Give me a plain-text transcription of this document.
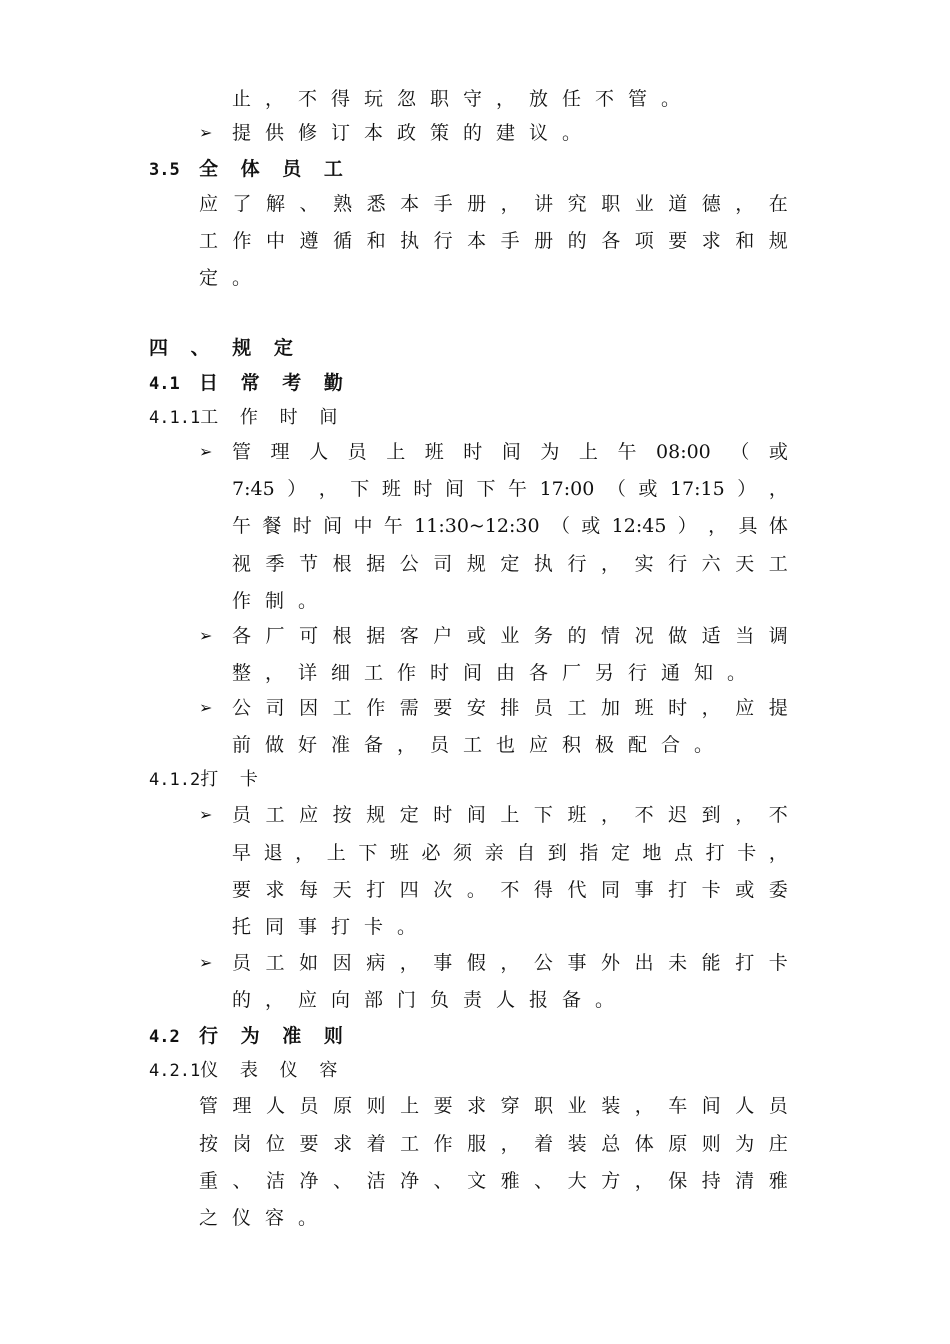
止，不得玩忽职守，放任不管。
➢ 提供修订本政策的建议。
3.5 全 体 员 工
应 了 解 、 熟 悉 本 手 册 ， 讲 究 职 业 道 德 ， 在
工 作 中 遵 循 和 执 行 本 手 册 的 各 项 要 求 和 规
定。
四 、 规 定
4.1 日 常 考 勤
4.1.1工 作 时 间
➢ 管 理 人 员 上 班 时 间 为 上 午 08:00 （ 或
7:45 ） ， 下 班 时 间 下 午 17:00 （ 或 17:15 ） ，
午 餐 时 间 中 午 11:30~12:30 （ 或 12:45 ） ， 具 体
视 季 节 根 据 公 司 规 定 执 行 ， 实 行 六 天 工
作制。
➢ 各 厂 可 根 据 客 户 或 业 务 的 情 况 做 适 当 调
整，详细工作时间由各厂另行通知。
➢ 公 司 因 工 作 需 要 安 排 员 工 加 班 时 ， 应 提
前做好准备，员工也应积极配合。
4.1.2打 卡
➢ 员 工 应 按 规 定 时 间 上 下 班 ， 不 迟 到 ， 不
早 退 ， 上 下 班 必 须 亲 自 到 指 定 地 点 打 卡 ，
要 求 每 天 打 四 次 。 不 得 代 同 事 打 卡 或 委
托同事打卡。
➢ 员 工 如 因 病 ， 事 假 ， 公 事 外 出 未 能 打 卡
的，应向部门负责人报备。
4.2 行 为 准 则
4.2.1仪 表 仪 容
管 理 人 员 原 则 上 要 求 穿 职 业 装 ， 车 间 人 员
按 岗 位 要 求 着 工 作 服 ， 着 装 总 体 原 则 为 庄
重 、 洁 净 、 洁 净 、 文 雅 、 大 方 ， 保 持 清 雅
之仪容。
